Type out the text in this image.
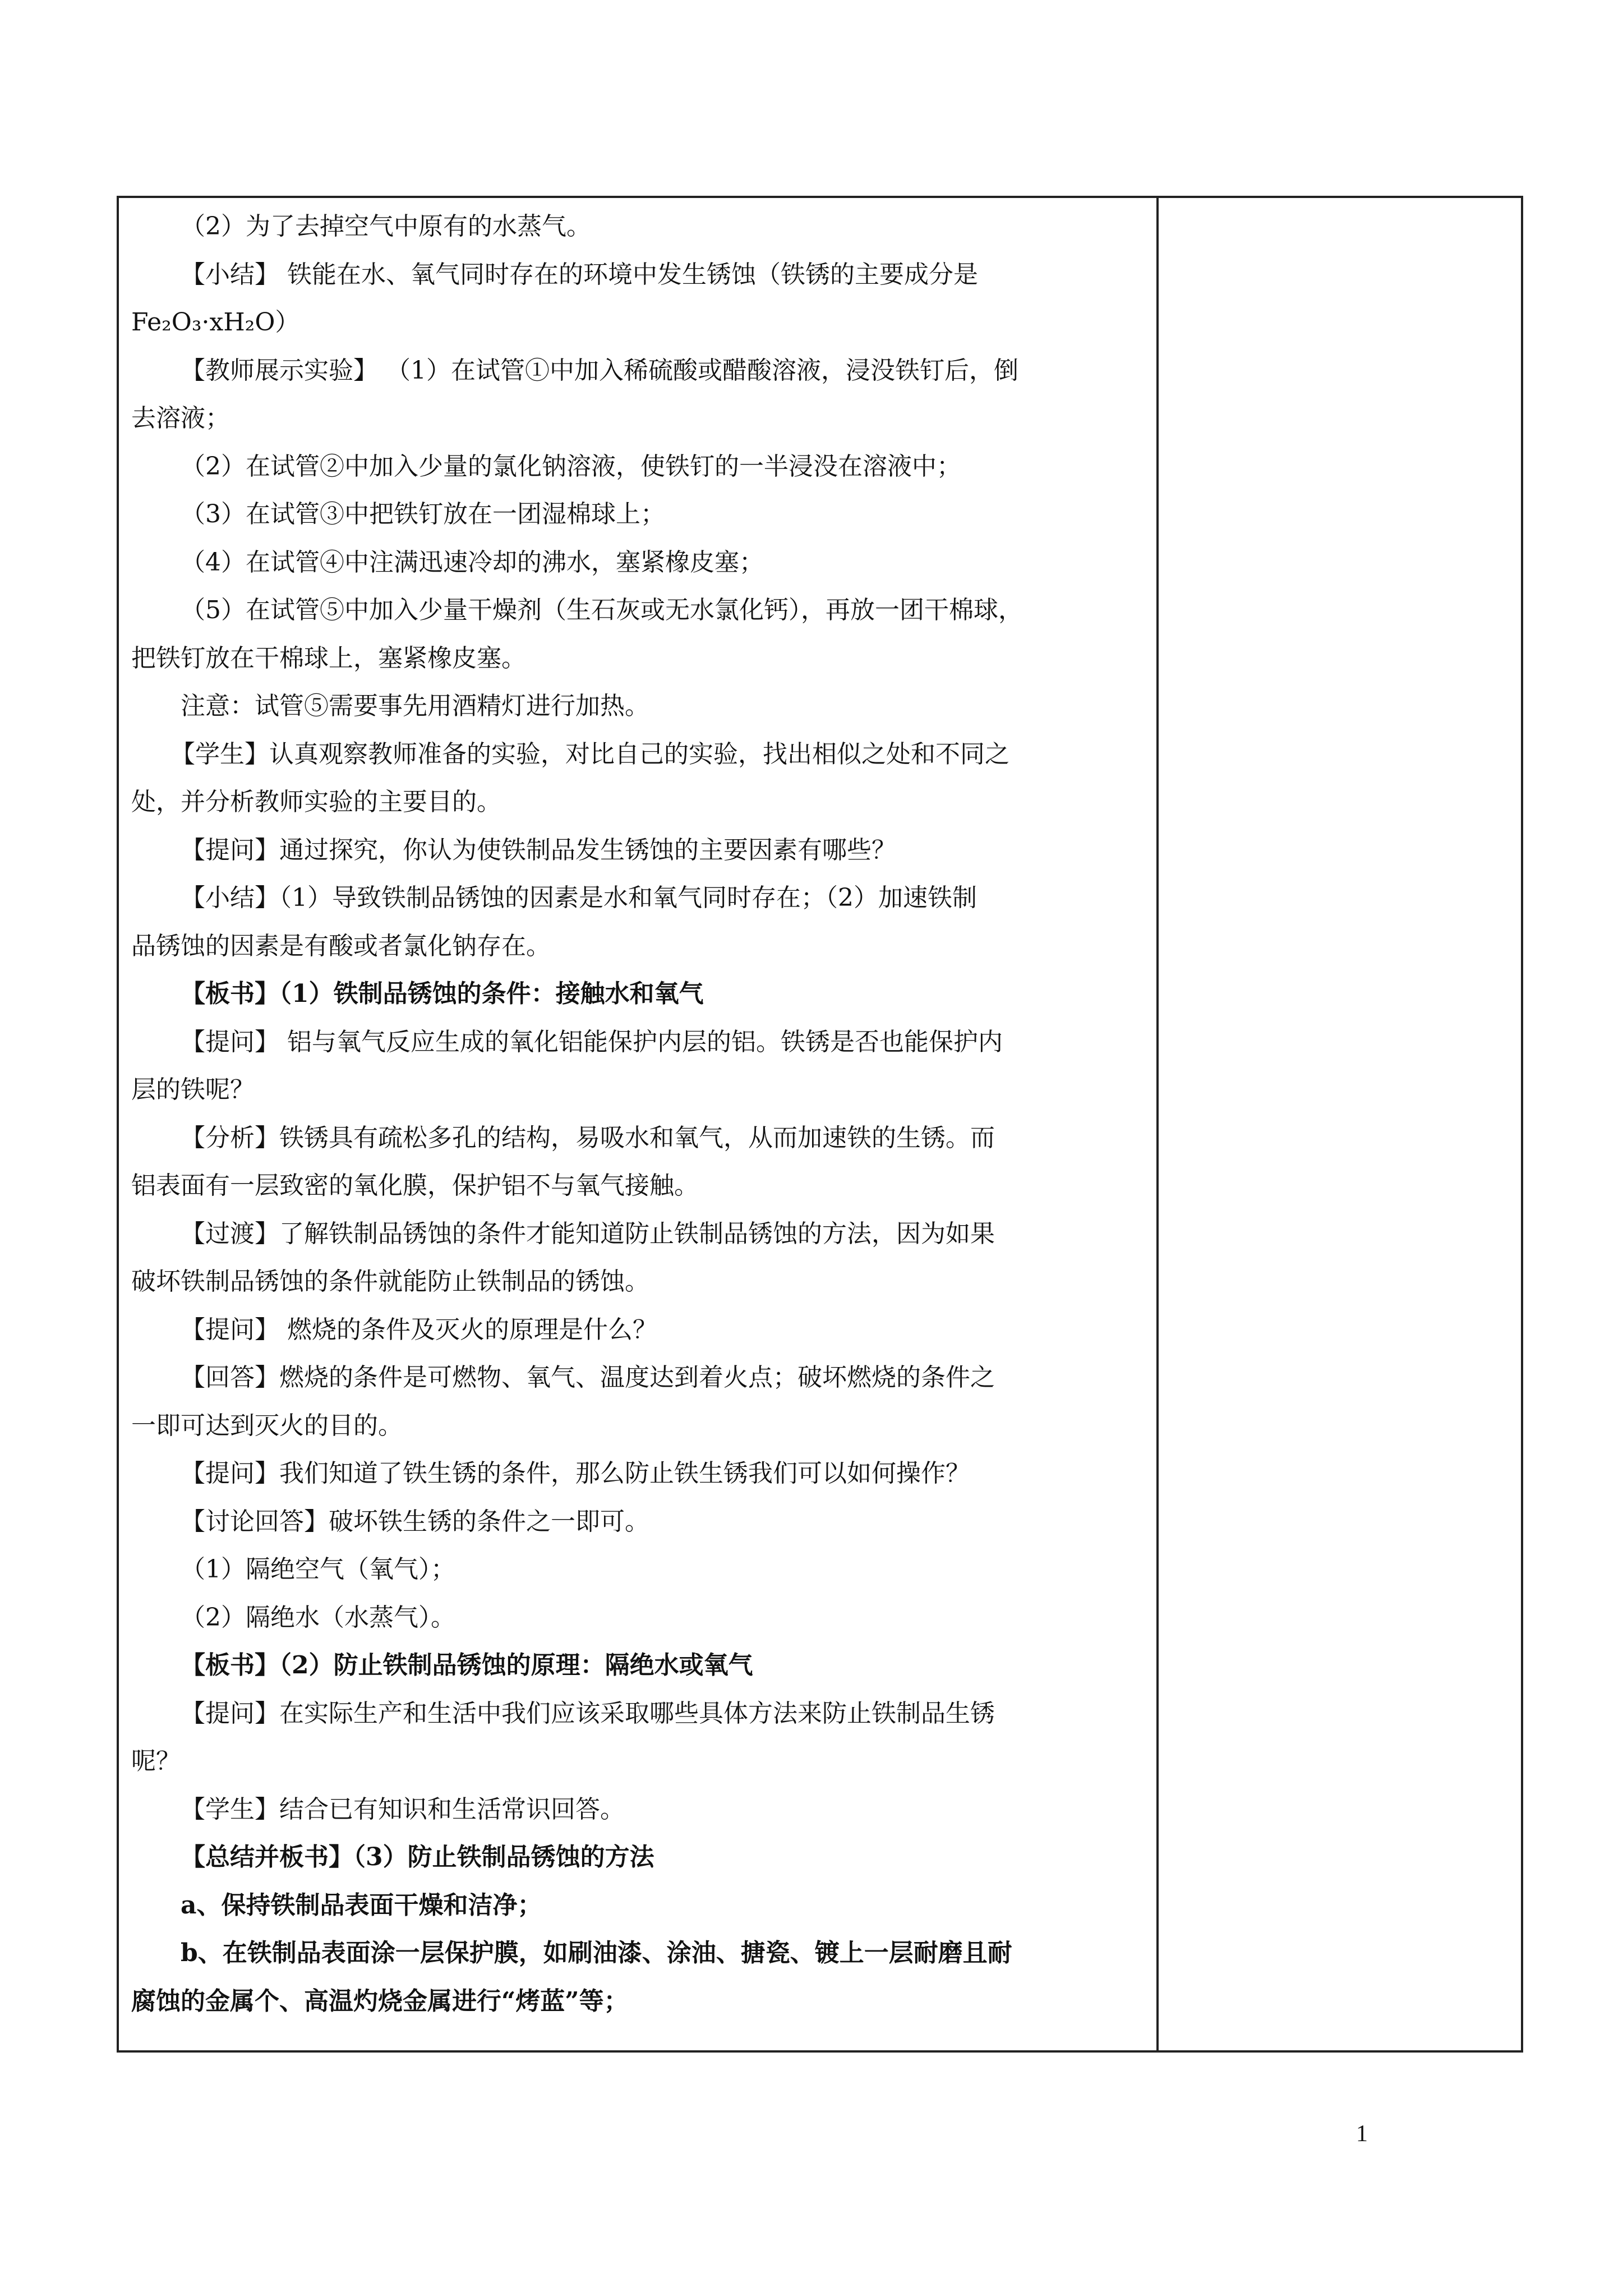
（2）为了去掉空气中原有的水蒸气。
【小结】 铁能在水、氧气同时存在的环境中发生锈蚀（铁锈的主要成分是
Fe₂O₃·xH₂O）
【教师展示实验】 （1）在试管①中加入稀硫酸或醋酸溶液，浸没铁钉后，倒
去溶液；
（2）在试管②中加入少量的氯化钠溶液，使铁钉的一半浸没在溶液中；
（3）在试管③中把铁钉放在一团湿棉球上；
（4）在试管④中注满迅速冷却的沸水，塞紧橡皮塞；
（5）在试管⑤中加入少量干燥剂（生石灰或无水氯化钙），再放一团干棉球，
把铁钉放在干棉球上，塞紧橡皮塞。
注意：试管⑤需要事先用酒精灯进行加热。
【学生】认真观察教师准备的实验，对比自己的实验，找出相似之处和不同之
处，并分析教师实验的主要目的。
【提问】通过探究，你认为使铁制品发生锈蚀的主要因素有哪些？
【小结】（1）导致铁制品锈蚀的因素是水和氧气同时存在；（2）加速铁制
品锈蚀的因素是有酸或者氯化钠存在。
【板书】（1）铁制品锈蚀的条件：接触水和氧气
【提问】 铝与氧气反应生成的氧化铝能保护内层的铝。铁锈是否也能保护内
层的铁呢？
【分析】铁锈具有疏松多孔的结构，易吸水和氧气，从而加速铁的生锈。而
铝表面有一层致密的氧化膜，保护铝不与氧气接触。
【过渡】了解铁制品锈蚀的条件才能知道防止铁制品锈蚀的方法，因为如果
破坏铁制品锈蚀的条件就能防止铁制品的锈蚀。
【提问】 燃烧的条件及灭火的原理是什么？
【回答】燃烧的条件是可燃物、氧气、温度达到着火点；破坏燃烧的条件之
一即可达到灭火的目的。
【提问】我们知道了铁生锈的条件，那么防止铁生锈我们可以如何操作？
【讨论回答】破坏铁生锈的条件之一即可。
（1）隔绝空气（氧气）；
（2）隔绝水（水蒸气）。
【板书】（2）防止铁制品锈蚀的原理：隔绝水或氧气
【提问】在实际生产和生活中我们应该采取哪些具体方法来防止铁制品生锈
呢？
【学生】结合已有知识和生活常识回答。
【总结并板书】（3）防止铁制品锈蚀的方法
a、保持铁制品表面干燥和洁净；
b、在铁制品表面涂一层保护膜，如刷油漆、涂油、搪瓷、镀上一层耐磨且耐
腐蚀的金属个、高温灼烧金属进行“烤蓝”等；
1
